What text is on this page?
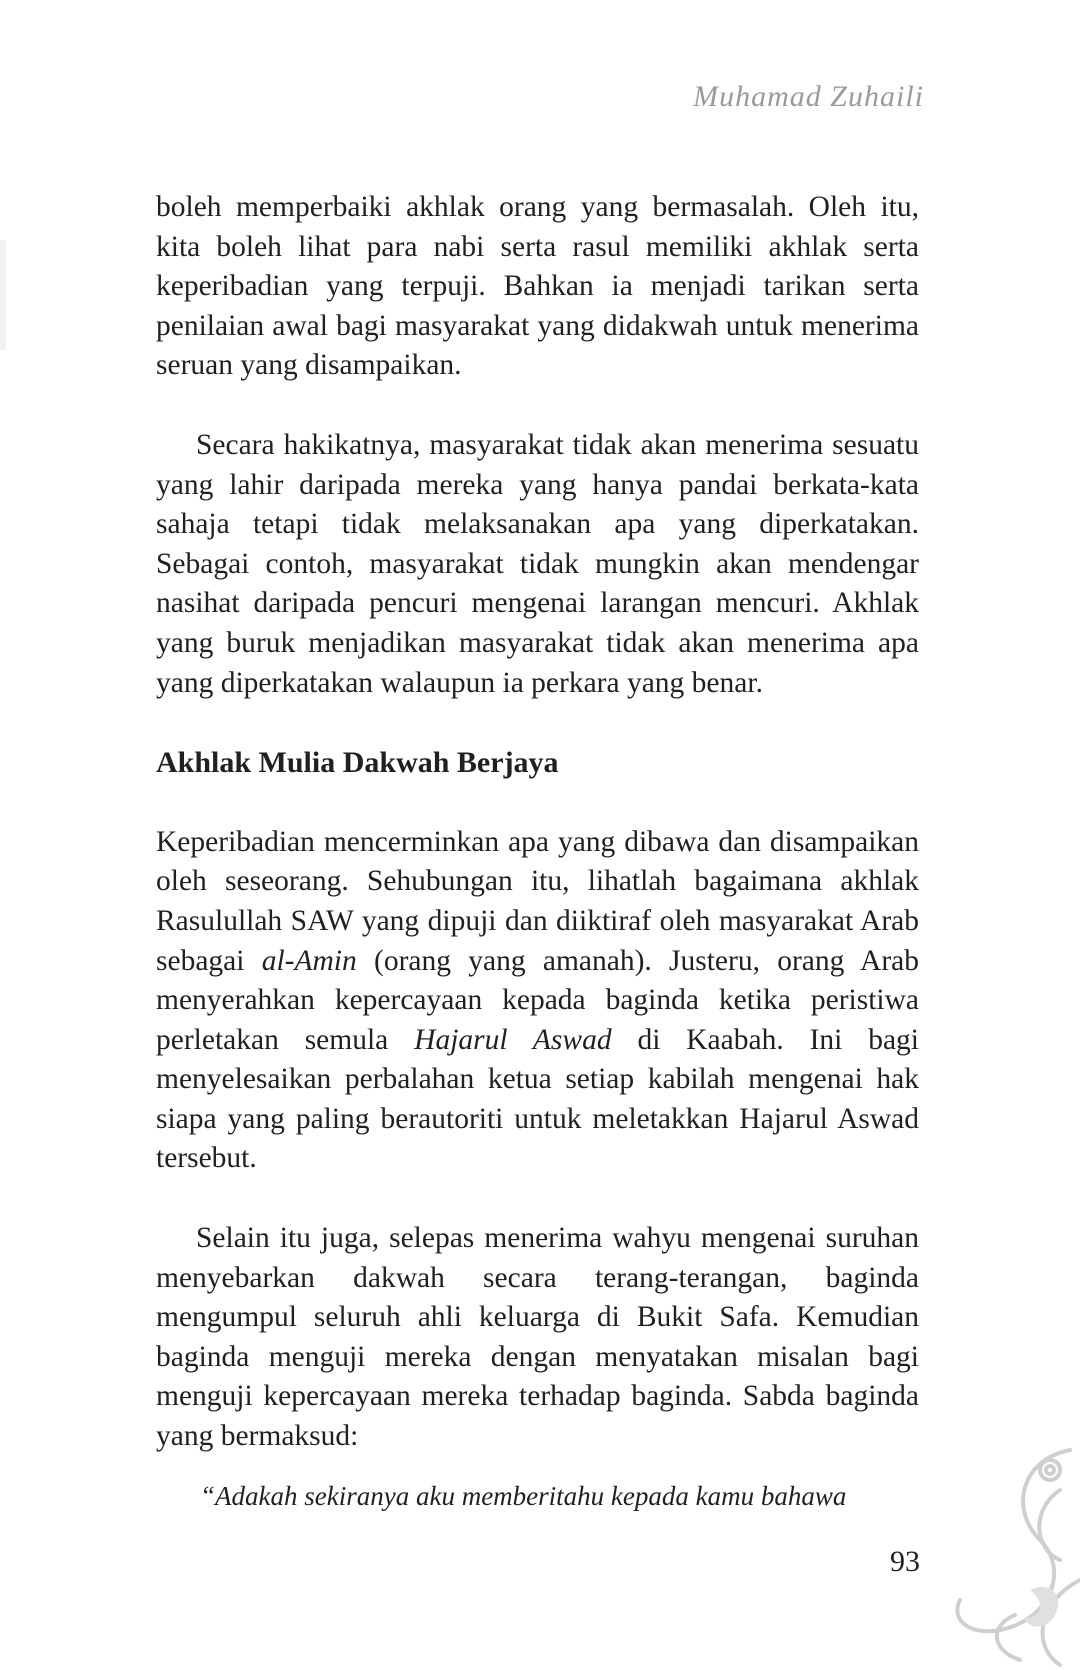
Muhamad Zuhaili

boleh memperbaiki akhlak orang yang bermasalah. Oleh itu, kita boleh lihat para nabi serta rasul memiliki akhlak serta keperibadian yang terpuji. Bahkan ia menjadi tarikan serta penilaian awal bagi masyarakat yang didakwah untuk menerima seruan yang disampaikan.

Secara hakikatnya, masyarakat tidak akan menerima sesuatu yang lahir daripada mereka yang hanya pandai berkata-kata sahaja tetapi tidak melaksanakan apa yang diperkatakan. Sebagai contoh, masyarakat tidak mungkin akan mendengar nasihat daripada pencuri mengenai larangan mencuri. Akhlak yang buruk menjadikan masyarakat tidak akan menerima apa yang diperkatakan walaupun ia perkara yang benar.

Akhlak Mulia Dakwah Berjaya

Keperibadian mencerminkan apa yang dibawa dan disampaikan oleh seseorang. Sehubungan itu, lihatlah bagaimana akhlak Rasulullah SAW yang dipuji dan diiktiraf oleh masyarakat Arab sebagai al-Amin (orang yang amanah). Justeru, orang Arab menyerahkan kepercayaan kepada baginda ketika peristiwa perletakan semula Hajarul Aswad di Kaabah. Ini bagi menyelesaikan perbalahan ketua setiap kabilah mengenai hak siapa yang paling berautoriti untuk meletakkan Hajarul Aswad tersebut.

Selain itu juga, selepas menerima wahyu mengenai suruhan menyebarkan dakwah secara terang-terangan, baginda mengumpul seluruh ahli keluarga di Bukit Safa. Kemudian baginda menguji mereka dengan menyatakan misalan bagi menguji kepercayaan mereka terhadap baginda. Sabda baginda yang bermaksud:

“Adakah sekiranya aku memberitahu kepada kamu bahawa

93
